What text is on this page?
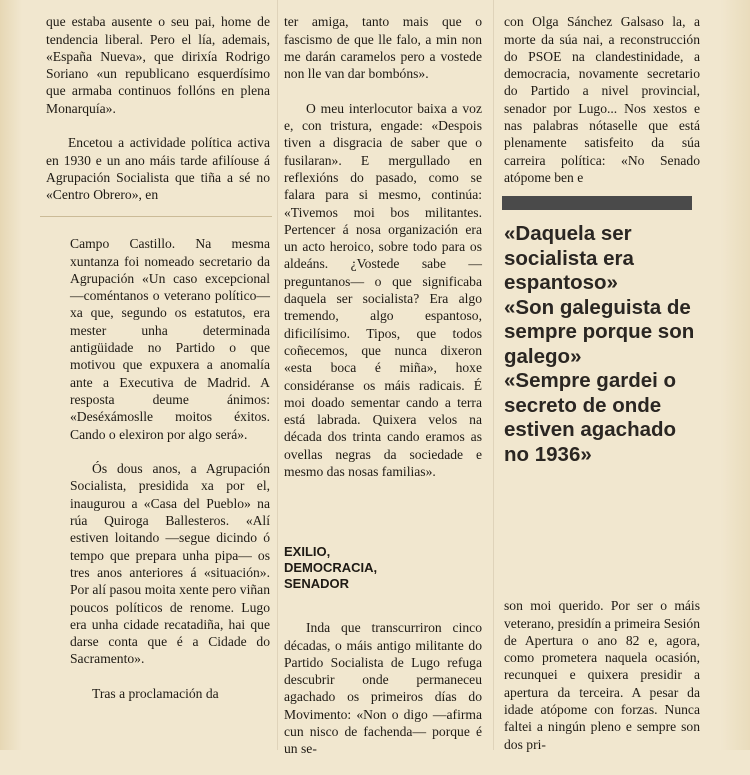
que estaba ausente o seu pai, home de tendencia liberal. Pero el lía, ademais, «España Nueva», que dirixía Rodrigo Soriano «un republicano esquerdísimo que armaba continuos follóns en plena Monarquía».

Encetou a actividade política activa en 1930 e un ano máis tarde afilíouse á Agrupación Socialista que tiña a sé no «Centro Obrero», en

Campo Castillo. Na mesma xuntanza foi nomeado secretario da Agrupación «Un caso excepcional —coméntanos o veterano político— xa que, segundo os estatutos, era mester unha determinada antigüidade no Partido o que motivou que expuxera a anomalía ante a Executiva de Madrid. A resposta deume ánimos: «Deséxámoslle moitos éxitos. Cando o elexiron por algo será».

Ós dous anos, a Agrupación Socialista, presidida xa por el, inaugurou a «Casa del Pueblo» na rúa Quiroga Ballesteros. «Alí estiven loitando —segue dicindo ó tempo que prepara unha pipa— os tres anos anteriores á «situación». Por alí pasou moita xente pero viñan poucos políticos de renome. Lugo era unha cidade recatadiña, hai que darse conta que é a Cidade do Sacramento».

Tras a proclamación da

ter amiga, tanto mais que o fascismo de que lle falo, a min non me darán caramelos pero a vostede non lle van dar bombóns».

O meu interlocutor baixa a voz e, con tristura, engade: «Despois tiven a disgracia de saber que o fusilaran». E mergullado en reflexións do pasado, como se falara para si mesmo, continúa: «Tivemos moi bos militantes. Pertencer á nosa organización era un acto heroico, sobre todo para os aldeáns. ¿Vostede sabe —preguntanos— o que significaba daquela ser socialista? Era algo tremendo, algo espantoso, dificilísimo. Tipos, que todos coñecemos, que nunca dixeron «esta boca é miña», hoxe considéranse os máis radicais. É moi doado sementar cando a terra está labrada. Quixera velos na década dos trinta cando eramos as ovellas negras da sociedade e mesmo das nosas familias».

EXILIO,
DEMOCRACIA,
SENADOR

Inda que transcurriron cinco décadas, o máis antigo militante do Partido Socialista de Lugo refuga descubrir onde permaneceu agachado os primeiros días do Movimento: «Non o digo —afirma cun nisco de fachenda— porque é un se-

con Olga Sánchez Galsaso la, a morte da súa nai, a reconstrucción do PSOE na clandestinidade, a democracia, novamente secretario do Partido a nivel provincial, senador por Lugo... Nos xestos e nas palabras nótaselle que está plenamente satisfeito da súa carreira política: «No Senado atópome ben e

«Daquela ser socialista era espantoso»
«Son galeguista de sempre porque son galego»
«Sempre gardei o secreto de onde estiven agachado no 1936»

son moi querido. Por ser o máis veterano, presidín a primeira Sesión de Apertura o ano 82 e, agora, como prometera naquela ocasión, recunquei e quixera presidir a apertura da terceira. A pesar da idade atópome con forzas. Nunca faltei a ningún pleno e sempre son dos pri-
